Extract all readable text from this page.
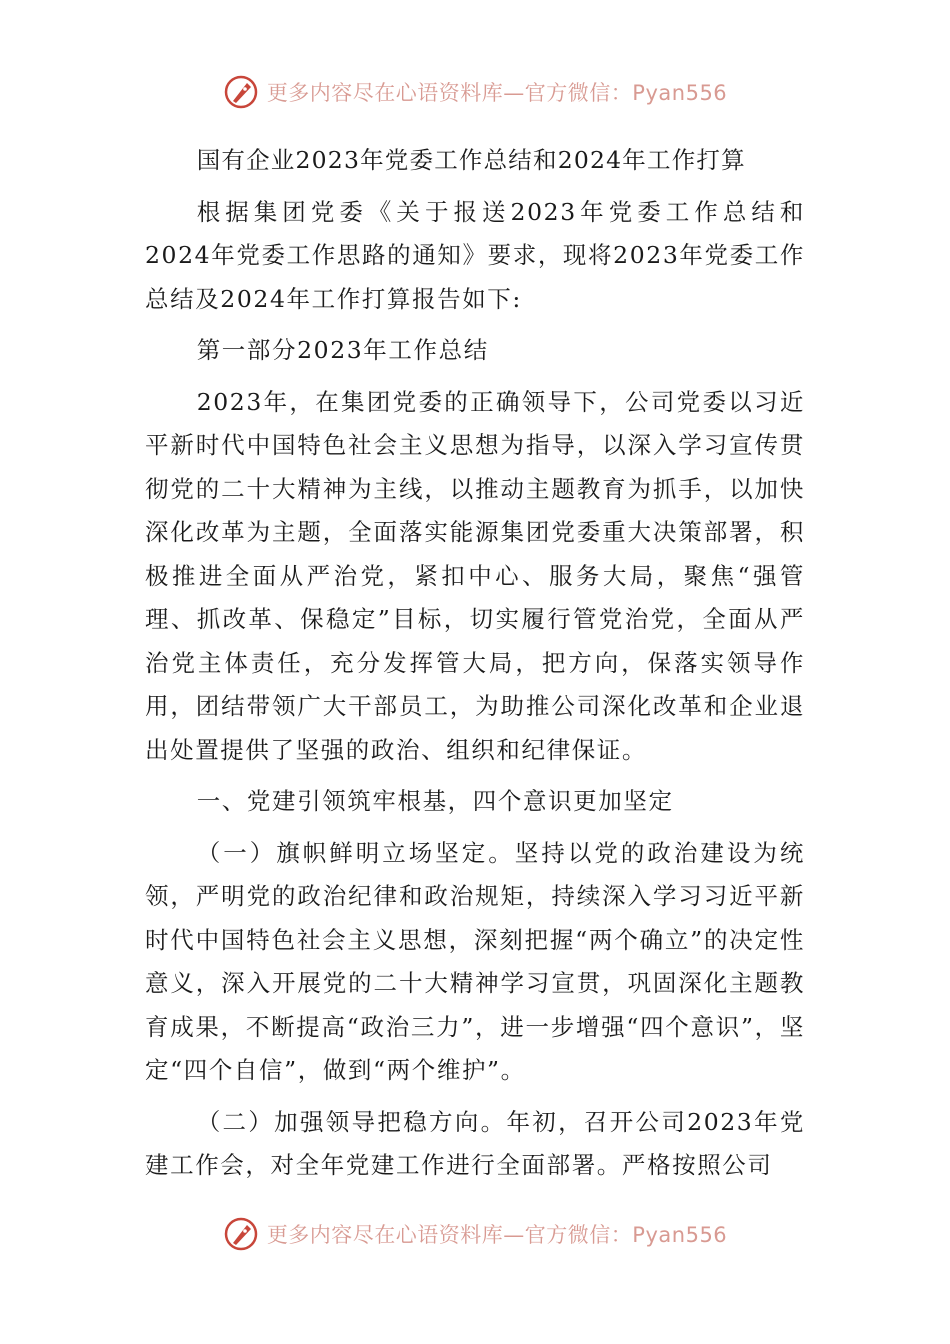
更多内容尽在心语资料库—官方微信：Pyan556

国有企业2023年党委工作总结和2024年工作打算

根据集团党委《关于报送2023年党委工作总结和2024年党委工作思路的通知》要求，现将2023年党委工作总结及2024年工作打算报告如下:

第一部分2023年工作总结

2023年，在集团党委的正确领导下，公司党委以习近平新时代中国特色社会主义思想为指导，以深入学习宣传贯彻党的二十大精神为主线，以推动主题教育为抓手，以加快深化改革为主题，全面落实能源集团党委重大决策部署，积极推进全面从严治党，紧扣中心、服务大局，聚焦“强管理、抓改革、保稳定”目标，切实履行管党治党，全面从严治党主体责任，充分发挥管大局，把方向，保落实领导作用，团结带领广大干部员工，为助推公司深化改革和企业退出处置提供了坚强的政治、组织和纪律保证。

一、党建引领筑牢根基，四个意识更加坚定

（一）旗帜鲜明立场坚定。坚持以党的政治建设为统领，严明党的政治纪律和政治规矩，持续深入学习习近平新时代中国特色社会主义思想，深刻把握“两个确立”的决定性意义，深入开展党的二十大精神学习宣贯，巩固深化主题教育成果，不断提高“政治三力”，进一步增强“四个意识”，坚定“四个自信”，做到“两个维护”。

（二）加强领导把稳方向。年初，召开公司2023年党建工作会，对全年党建工作进行全面部署。严格按照公司

更多内容尽在心语资料库—官方微信：Pyan556
